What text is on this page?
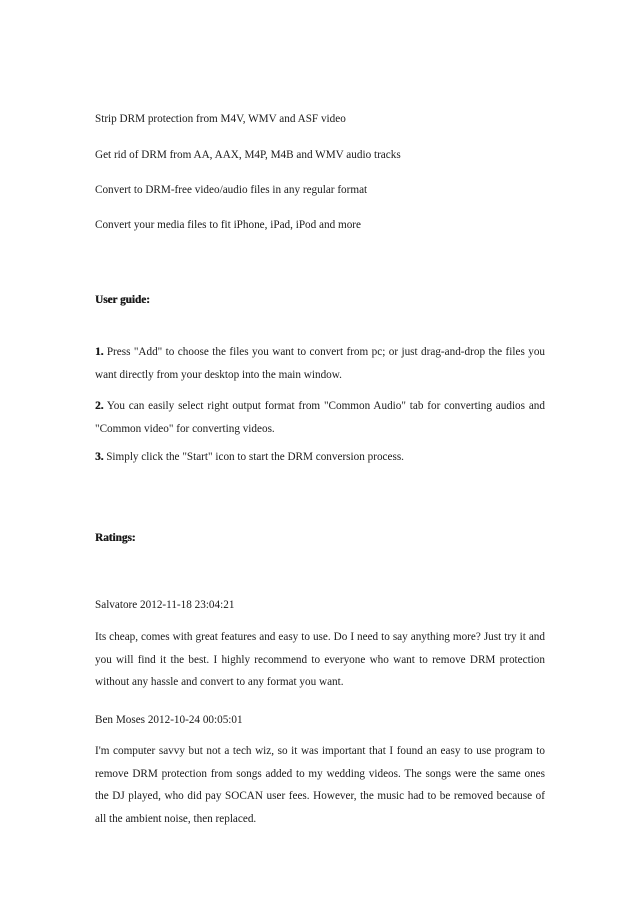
Strip DRM protection from M4V, WMV and ASF video
Get rid of DRM from AA, AAX, M4P, M4B and WMV audio tracks
Convert to DRM-free video/audio files in any regular format
Convert your media files to fit iPhone, iPad, iPod and more
User guide:
1. Press "Add" to choose the files you want to convert from pc; or just drag-and-drop the files you want directly from your desktop into the main window.
2. You can easily select right output format from "Common Audio" tab for converting audios and "Common video" for converting videos.
3. Simply click the "Start" icon to start the DRM conversion process.
Ratings:
Salvatore 2012-11-18 23:04:21
Its cheap, comes with great features and easy to use. Do I need to say anything more? Just try it and you will find it the best. I highly recommend to everyone who want to remove DRM protection without any hassle and convert to any format you want.
Ben Moses 2012-10-24 00:05:01
I'm computer savvy but not a tech wiz, so it was important that I found an easy to use program to remove DRM protection from songs added to my wedding videos. The songs were the same ones the DJ played, who did pay SOCAN user fees. However, the music had to be removed because of all the ambient noise, then replaced.
